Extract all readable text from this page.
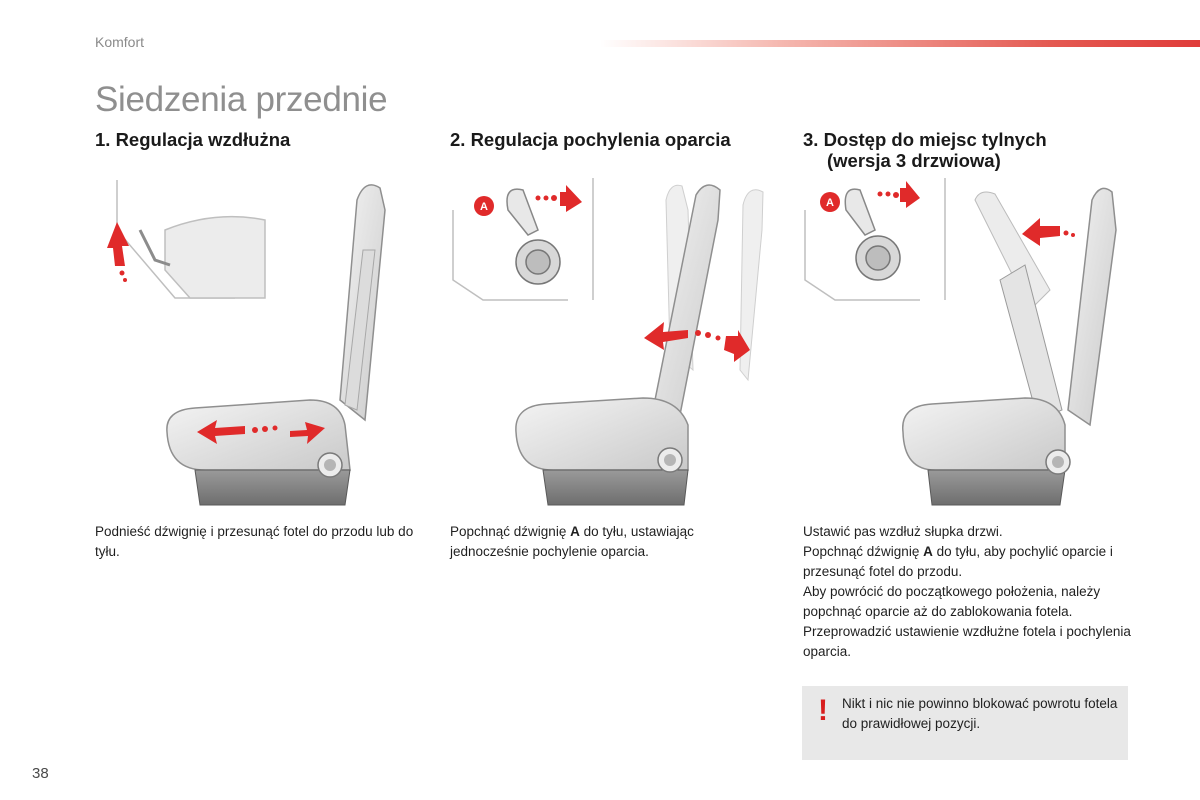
Komfort
Siedzenia przednie
1. Regulacja wzdłużna	2. Regulacja pochylenia oparcia	3. Dostęp do miejsc tylnych
(wersja 3 drzwiowa)
A	A

Podnieść dźwignię i przesunąć fotel do przodu lub do tyłu.

Popchnąć dźwignię A do tyłu, ustawiając jednocześnie pochylenie oparcia.

Ustawić pas wzdłuż słupka drzwi.

Popchnąć dźwignię A do tyłu, aby pochylić oparcie i przesunąć fotel do przodu.

Aby powrócić do początkowego położenia, należy popchnąć oparcie aż do zablokowania fotela.

Przeprowadzić ustawienie wzdłużne fotela i pochylenia oparcia.

! Nikt i nic nie powinno blokować powrotu fotela do prawidłowej pozycji.
38
